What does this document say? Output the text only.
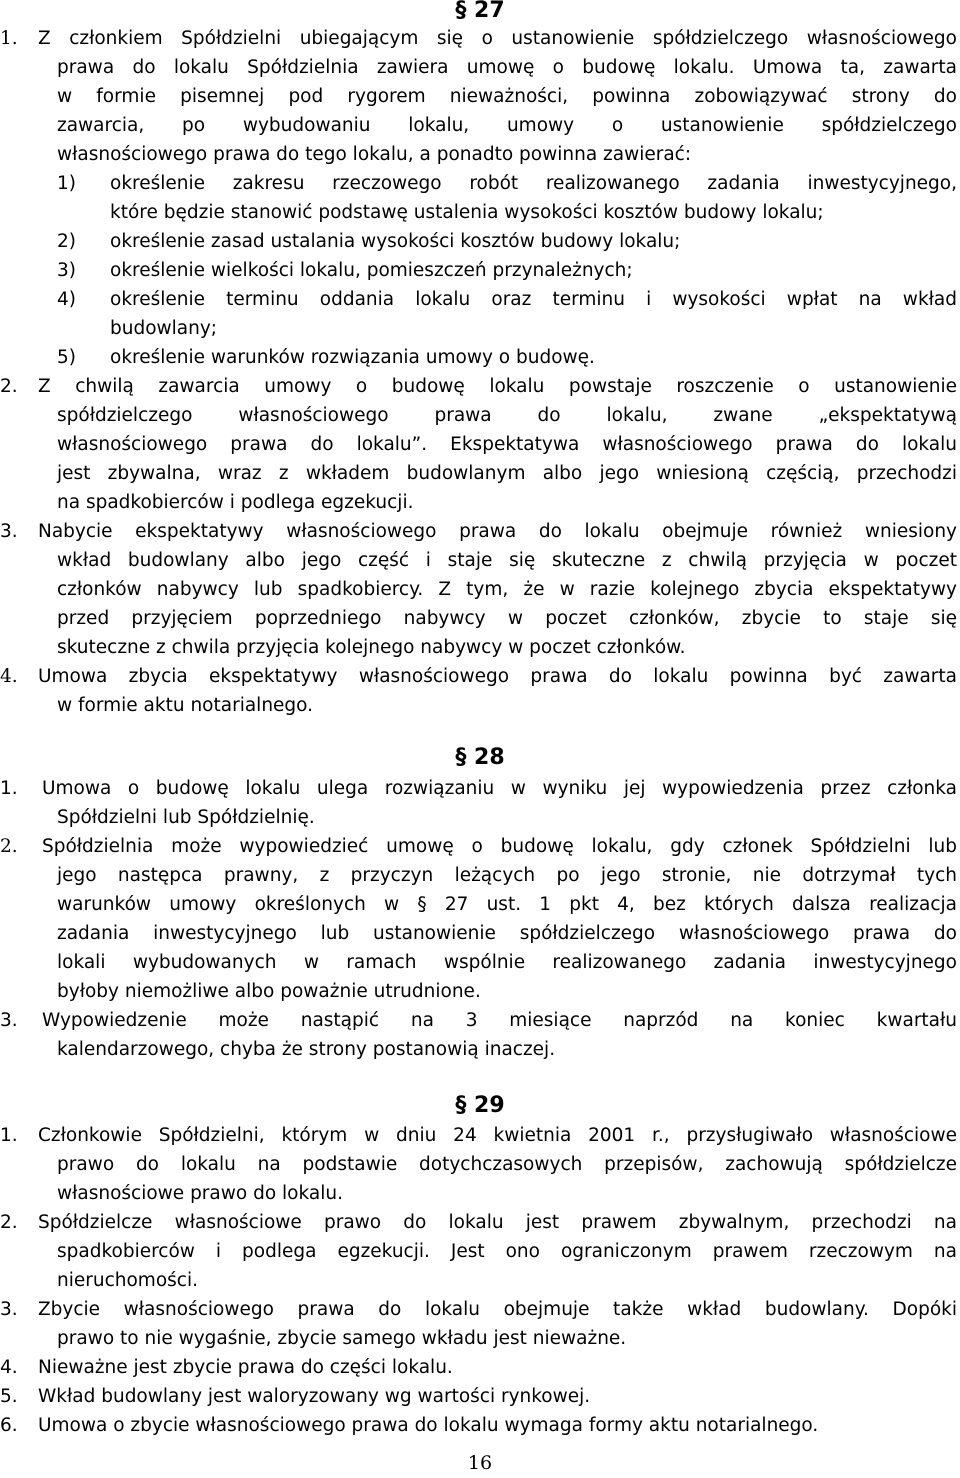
§ 27
1. Z członkiem Spółdzielni ubiegającym się o ustanowienie spółdzielczego własnościowego
prawa do lokalu Spółdzielnia zawiera umowę o budowę lokalu. Umowa ta, zawarta
w formie pisemnej pod rygorem nieważności, powinna zobowiązywać strony do
zawarcia, po wybudowaniu lokalu, umowy o ustanowienie spółdzielczego
własnościowego prawa do tego lokalu, a ponadto powinna zawierać:
1) określenie zakresu rzeczowego robót realizowanego zadania inwestycyjnego,
które będzie stanowić podstawę ustalenia wysokości kosztów budowy lokalu;
2) określenie zasad ustalania wysokości kosztów budowy lokalu;
3) określenie wielkości lokalu, pomieszczeń przynależnych;
4) określenie terminu oddania lokalu oraz terminu i wysokości wpłat na wkład
budowlany;
5) określenie warunków rozwiązania umowy o budowę.
2. Z chwilą zawarcia umowy o budowę lokalu powstaje roszczenie o ustanowienie
spółdzielczego własnościowego prawa do lokalu, zwane „ekspektatywą
własnościowego prawa do lokalu”. Ekspektatywa własnościowego prawa do lokalu
jest zbywalna, wraz z wkładem budowlanym albo jego wniesioną częścią, przechodzi
na spadkobierców i podlega egzekucji.
3. Nabycie ekspektatywy własnościowego prawa do lokalu obejmuje również wniesiony
wkład budowlany albo jego część i staje się skuteczne z chwilą przyjęcia w poczet
członków nabywcy lub spadkobiercy. Z tym, że w razie kolejnego zbycia ekspektatywy
przed przyjęciem poprzedniego nabywcy w poczet członków, zbycie to staje się
skuteczne z chwila przyjęcia kolejnego nabywcy w poczet członków.
4. Umowa zbycia ekspektatywy własnościowego prawa do lokalu powinna być zawarta
w formie aktu notarialnego.
§ 28
1. Umowa o budowę lokalu ulega rozwiązaniu w wyniku jej wypowiedzenia przez członka
Spółdzielni lub Spółdzielnię.
2. Spółdzielnia może wypowiedzieć umowę o budowę lokalu, gdy członek Spółdzielni lub
jego następca prawny, z przyczyn leżących po jego stronie, nie dotrzymał tych
warunków umowy określonych w § 27 ust. 1 pkt 4, bez których dalsza realizacja
zadania inwestycyjnego lub ustanowienie spółdzielczego własnościowego prawa do
lokali wybudowanych w ramach wspólnie realizowanego zadania inwestycyjnego
byłoby niemożliwe albo poważnie utrudnione.
3. Wypowiedzenie może nastąpić na 3 miesiące naprzód na koniec kwartału
kalendarzowego, chyba że strony postanowią inaczej.
§ 29
1. Członkowie Spółdzielni, którym w dniu 24 kwietnia 2001 r., przysługiwało własnościowe
prawo do lokalu na podstawie dotychczasowych przepisów, zachowują spółdzielcze
własnościowe prawo do lokalu.
2. Spółdzielcze własnościowe prawo do lokalu jest prawem zbywalnym, przechodzi na
spadkobierców i podlega egzekucji. Jest ono ograniczonym prawem rzeczowym na
nieruchomości.
3. Zbycie własnościowego prawa do lokalu obejmuje także wkład budowlany. Dopóki
prawo to nie wygaśnie, zbycie samego wkładu jest nieważne.
4. Nieważne jest zbycie prawa do części lokalu.
5. Wkład budowlany jest waloryzowany wg wartości rynkowej.
6. Umowa o zbycie własnościowego prawa do lokalu wymaga formy aktu notarialnego.
16
